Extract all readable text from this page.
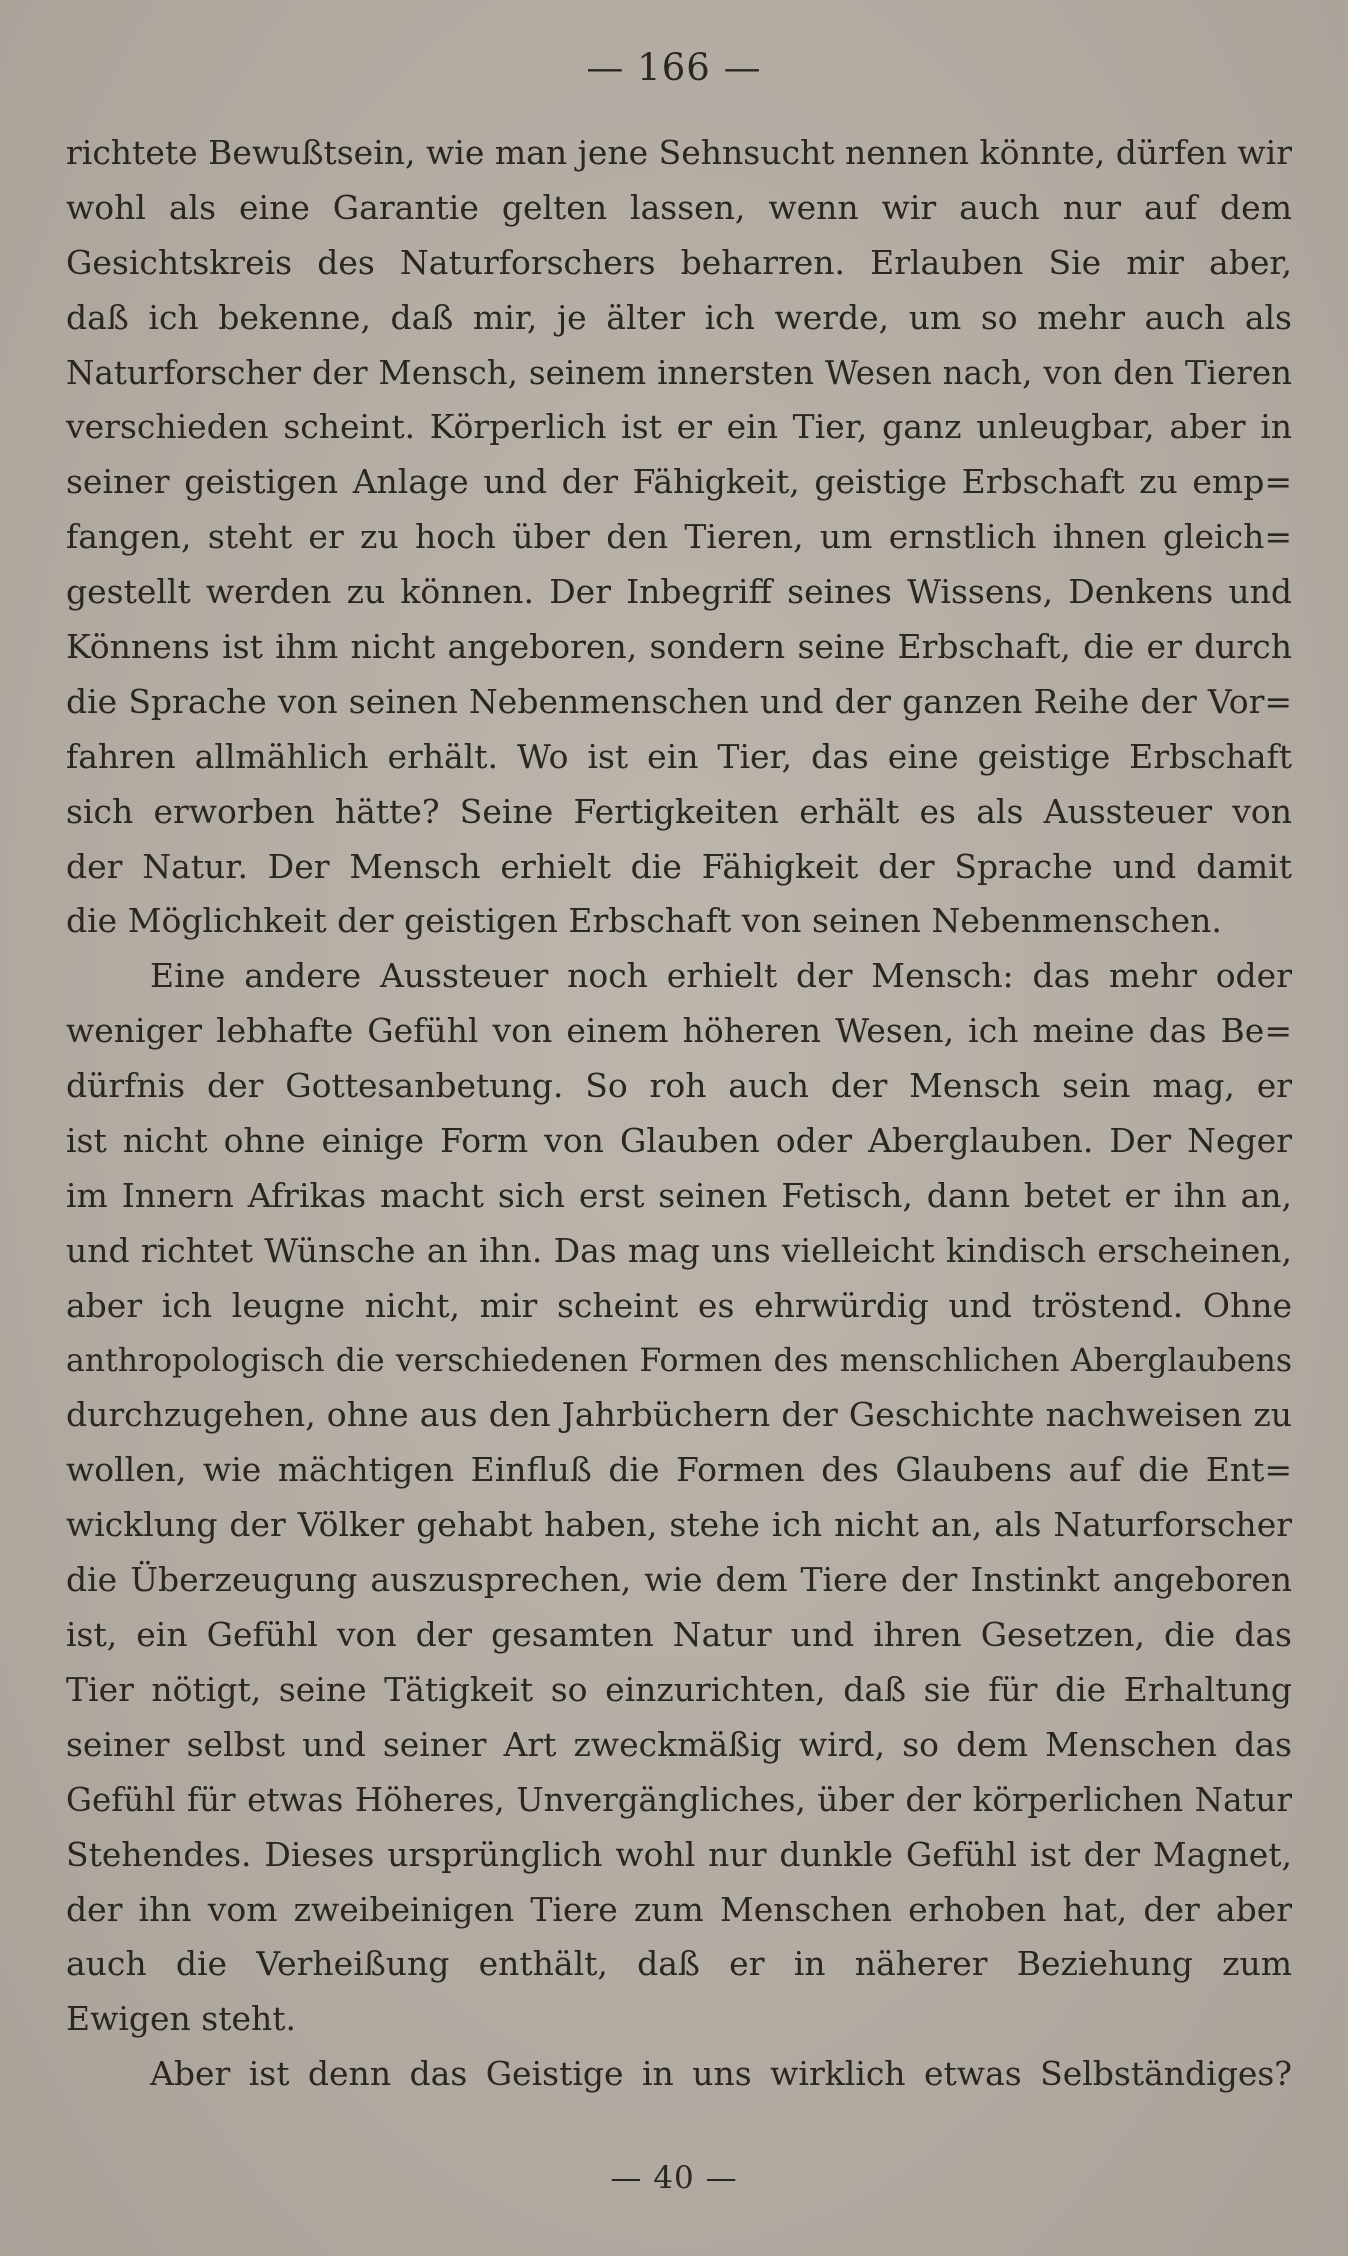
— 166 —
richtete Bewußtsein, wie man jene Sehnsucht nennen könnte, dürfen wir
wohl als eine Garantie gelten lassen, wenn wir auch nur auf dem
Gesichtskreis des Naturforschers beharren. Erlauben Sie mir aber,
daß ich bekenne, daß mir, je älter ich werde, um so mehr auch als
Naturforscher der Mensch, seinem innersten Wesen nach, von den Tieren
verschieden scheint. Körperlich ist er ein Tier, ganz unleugbar, aber in
seiner geistigen Anlage und der Fähigkeit, geistige Erbschaft zu emp=
fangen, steht er zu hoch über den Tieren, um ernstlich ihnen gleich=
gestellt werden zu können. Der Inbegriff seines Wissens, Denkens und
Könnens ist ihm nicht angeboren, sondern seine Erbschaft, die er durch
die Sprache von seinen Nebenmenschen und der ganzen Reihe der Vor=
fahren allmählich erhält. Wo ist ein Tier, das eine geistige Erbschaft
sich erworben hätte? Seine Fertigkeiten erhält es als Aussteuer von
der Natur. Der Mensch erhielt die Fähigkeit der Sprache und damit
die Möglichkeit der geistigen Erbschaft von seinen Nebenmenschen.
Eine andere Aussteuer noch erhielt der Mensch: das mehr oder
weniger lebhafte Gefühl von einem höheren Wesen, ich meine das Be=
dürfnis der Gottesanbetung. So roh auch der Mensch sein mag, er
ist nicht ohne einige Form von Glauben oder Aberglauben. Der Neger
im Innern Afrikas macht sich erst seinen Fetisch, dann betet er ihn an,
und richtet Wünsche an ihn. Das mag uns vielleicht kindisch erscheinen,
aber ich leugne nicht, mir scheint es ehrwürdig und tröstend. Ohne
anthropologisch die verschiedenen Formen des menschlichen Aberglaubens
durchzugehen, ohne aus den Jahrbüchern der Geschichte nachweisen zu
wollen, wie mächtigen Einfluß die Formen des Glaubens auf die Ent=
wicklung der Völker gehabt haben, stehe ich nicht an, als Naturforscher
die Überzeugung auszusprechen, wie dem Tiere der Instinkt angeboren
ist, ein Gefühl von der gesamten Natur und ihren Gesetzen, die das
Tier nötigt, seine Tätigkeit so einzurichten, daß sie für die Erhaltung
seiner selbst und seiner Art zweckmäßig wird, so dem Menschen das
Gefühl für etwas Höheres, Unvergängliches, über der körperlichen Natur
Stehendes. Dieses ursprünglich wohl nur dunkle Gefühl ist der Magnet,
der ihn vom zweibeinigen Tiere zum Menschen erhoben hat, der aber
auch die Verheißung enthält, daß er in näherer Beziehung zum
Ewigen steht.
Aber ist denn das Geistige in uns wirklich etwas Selbständiges?
— 40 —
